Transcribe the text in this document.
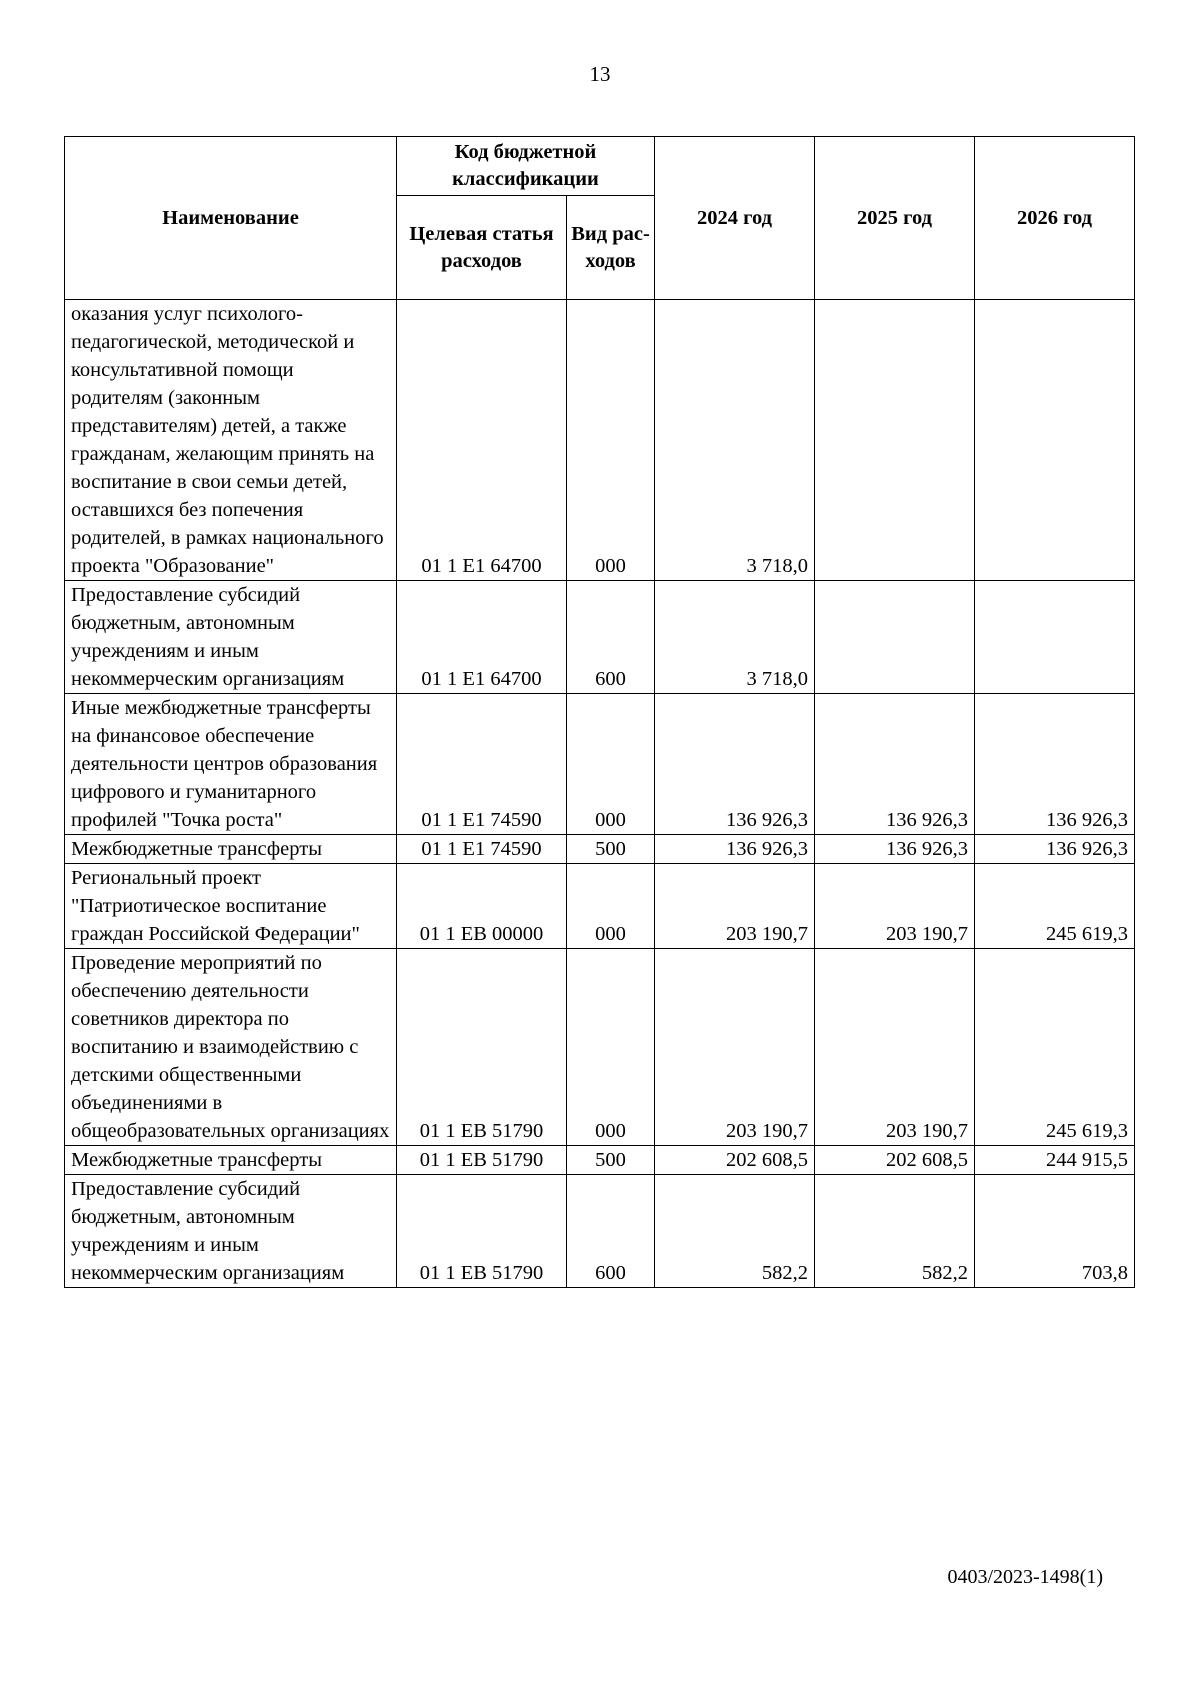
13
Наименование	Код бюджетной классификации		2024 год	2025 год	2026 год
	Целевая статья расходов	Вид рас-ходов			
оказания услуг психолого-педагогической, методической и консультативной помощи родителям (законным представителям) детей, а также гражданам, желающим принять на воспитание в свои семьи детей, оставшихся без попечения родителей, в рамках национального проекта "Образование"	01 1 E1 64700	000	3 718,0		
Предоставление субсидий бюджетным, автономным учреждениям и иным некоммерческим организациям	01 1 E1 64700	600	3 718,0		
Иные межбюджетные трансферты на финансовое обеспечение деятельности центров образования цифрового и гуманитарного профилей "Точка роста"	01 1 E1 74590	000	136 926,3	136 926,3	136 926,3
Межбюджетные трансферты	01 1 E1 74590	500	136 926,3	136 926,3	136 926,3
Региональный проект "Патриотическое воспитание граждан Российской Федерации"	01 1 EB 00000	000	203 190,7	203 190,7	245 619,3
Проведение мероприятий по обеспечению деятельности советников директора по воспитанию и взаимодействию с детскими общественными объединениями в общеобразовательных организациях	01 1 EB 51790	000	203 190,7	203 190,7	245 619,3
Межбюджетные трансферты	01 1 EB 51790	500	202 608,5	202 608,5	244 915,5
Предоставление субсидий бюджетным, автономным учреждениям и иным некоммерческим организациям	01 1 EB 51790	600	582,2	582,2	703,8
0403/2023-1498(1)
